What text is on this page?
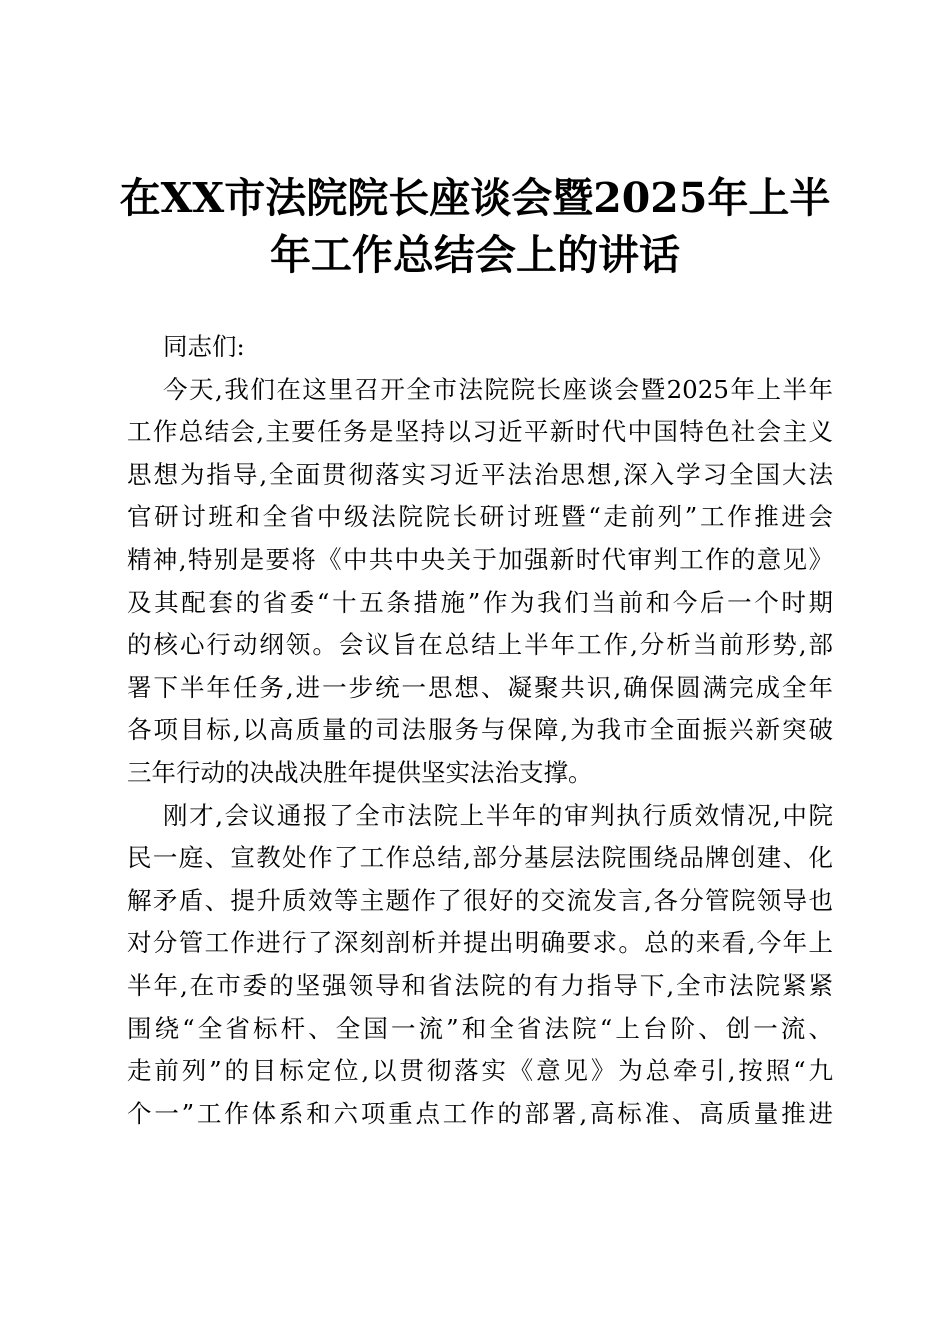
在XX市法院院长座谈会暨2025年上半
年工作总结会上的讲话
同志们:
今天,我们在这里召开全市法院院长座谈会暨2025年上半年
工作总结会,主要任务是坚持以习近平新时代中国特色社会主义
思想为指导,全面贯彻落实习近平法治思想,深入学习全国大法
官研讨班和全省中级法院院长研讨班暨“走前列”工作推进会
精神,特别是要将《中共中央关于加强新时代审判工作的意见》
及其配套的省委“十五条措施”作为我们当前和今后一个时期
的核心行动纲领。会议旨在总结上半年工作,分析当前形势,部
署下半年任务,进一步统一思想、凝聚共识,确保圆满完成全年
各项目标,以高质量的司法服务与保障,为我市全面振兴新突破
三年行动的决战决胜年提供坚实法治支撑。
刚才,会议通报了全市法院上半年的审判执行质效情况,中院
民一庭、宣教处作了工作总结,部分基层法院围绕品牌创建、化
解矛盾、提升质效等主题作了很好的交流发言,各分管院领导也
对分管工作进行了深刻剖析并提出明确要求。总的来看,今年上
半年,在市委的坚强领导和省法院的有力指导下,全市法院紧紧
围绕“全省标杆、全国一流”和全省法院“上台阶、创一流、
走前列”的目标定位,以贯彻落实《意见》为总牵引,按照“九
个一”工作体系和六项重点工作的部署,高标准、高质量推进
